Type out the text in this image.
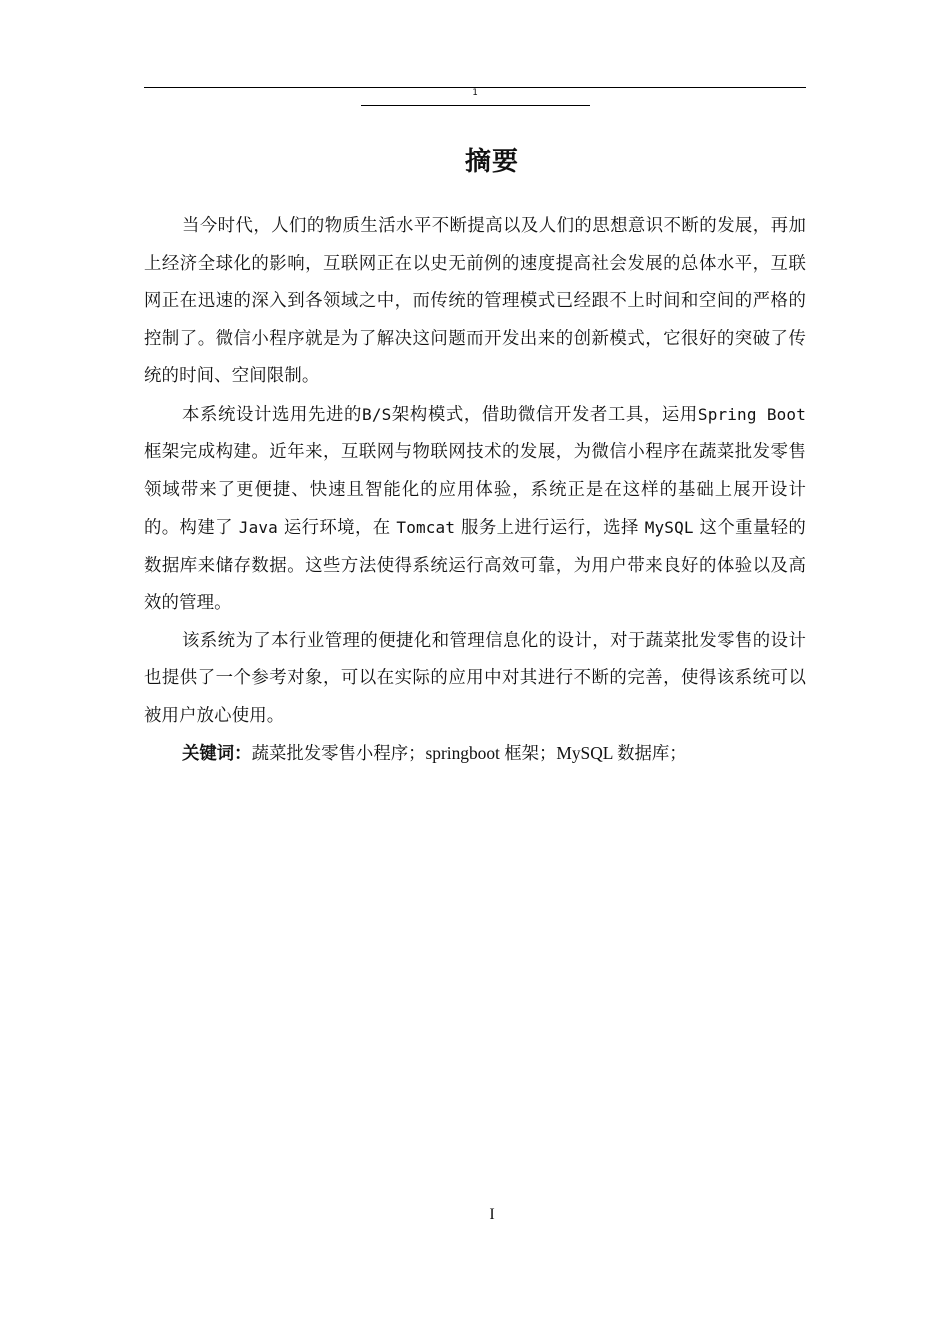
1
摘要

当今时代，人们的物质生活水平不断提高以及人们的思想意识不断的发展，再加上经济全球化的影响，互联网正在以史无前例的速度提高社会发展的总体水平，互联网正在迅速的深入到各领域之中，而传统的管理模式已经跟不上时间和空间的严格的控制了。微信小程序就是为了解决这问题而开发出来的创新模式，它很好的突破了传统的时间、空间限制。

本系统设计选用先进的B/S架构模式，借助微信开发者工具，运用Spring Boot框架完成构建。近年来，互联网与物联网技术的发展，为微信小程序在蔬菜批发零售领域带来了更便捷、快速且智能化的应用体验，系统正是在这样的基础上展开设计的。构建了 Java 运行环境，在 Tomcat 服务上进行运行，选择 MySQL 这个重量轻的数据库来储存数据。这些方法使得系统运行高效可靠，为用户带来良好的体验以及高效的管理。

该系统为了本行业管理的便捷化和管理信息化的设计，对于蔬菜批发零售的设计也提供了一个参考对象，可以在实际的应用中对其进行不断的完善，使得该系统可以被用户放心使用。

关键词：蔬菜批发零售小程序；springboot 框架；MySQL 数据库；

I
